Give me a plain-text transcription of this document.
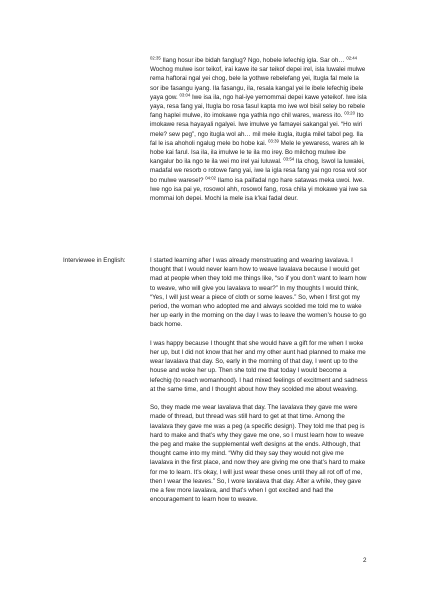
$^{02:35}$ Ilang hosur ibe bidah fanglug? Ngo, hobele lefechig igla. Sar oh… $^{02:44}$ Wochog mulwe isor teikof, irai kawe ite sar teikof depei irel, isla luwalei mulwe rema haftorai ngal yei chog, bele la yothwe rebelefang yei, Itugla fal mele la sor ibe fasangu iyang. Ila fasangu, ila, resala kangal yei le ibele lefechig ibele yaya gow. $^{03:04}$ Iwe isa ila, ngo hal-iye yemommai depei kawe yeteikof. Iwe isla yaya, resa fang yai, Itugla bo rosa fasul kapta mo iwe wol bisil seley bo rebele fang haplei mulwe, ito imokawe nga yathla ngo chil wares, waress ito. $^{03:20}$ Ito imokawe resa hayayali ngalyei. Iwe imulwe ye famayei sakangal yei. “Ho wiri mele? sew peg”, ngo itugla wol ah… mil mele itugla, itugla milel tabol peg. Ila fal le isa ahoholi ngalug mele bo hobe kai. $^{03:39}$ Mele le yewaress, wares ah le hobe kai farul. Isa ila, ila imulwe le te ila mo irey. Bo milchog mulwe ibe kangalur bo ila ngo te ila wei mo irel yai luluwal. $^{03:54}$ Ila chog, Iswol la luwalei, madafal we resorb o rotowe fang yai, iwe la igla resa fang yai ngo rosa wol sor bo mulwe waresel? $^{04:02}$ Ilamo isa paifadal ngo hare satawas meka uwoi. Iwe. Iwe ngo isa pai ye, rosowol ahh, rosowol fang, rosa chila yi mokawe yai iwe sa mommai loh depei. Mochi la mele isa k’kai fadal deur.
Interviewee in English:	I started learning after I was already menstruating and wearing lavalava. I thought that I would never learn how to weave lavalava because I would get mad at people when they told me things like, “so if you don’t want to learn how to weave, who will give you lavalava to wear?” In my thoughts I would think, “Yes, I will just wear a piece of cloth or some leaves.” So, when I first got my period, the woman who adopted me and always scolded me told me to wake her up early in the morning on the day I was to leave the women’s house to go back home.

I was happy because I thought that she would have a gift for me when I woke her up, but I did not know that her and my other aunt had planned to make me wear lavalava that day. So, early in the morning of that day, I went up to the house and woke her up. Then she told me that today I would become a lefechig (to reach womanhood). I had mixed feelings of excitment and sadness at the same time, and I thought about how they scolded me about weaving.

So, they made me wear lavalava that day. The lavalava they gave me were made of thread, but thread was still hard to get at that time. Among the lavalava they gave me was a peg (a specific design). They told me that peg is hard to make and that’s why they gave me one, so I must learn how to weave the peg and make the supplemental weft designs at the ends. Although, that thought came into my mind. “Why did they say they would not give me lavalava in the first place, and now they are giving me one that’s hard to make for me to learn. It’s okay, I will just wear these ones until they all rot off of me, then I wear the leaves.” So, I wore lavalava that day. After a while, they gave me a few more lavalava, and that’s when I got excited and had the encouragement to learn how to weave.

2
